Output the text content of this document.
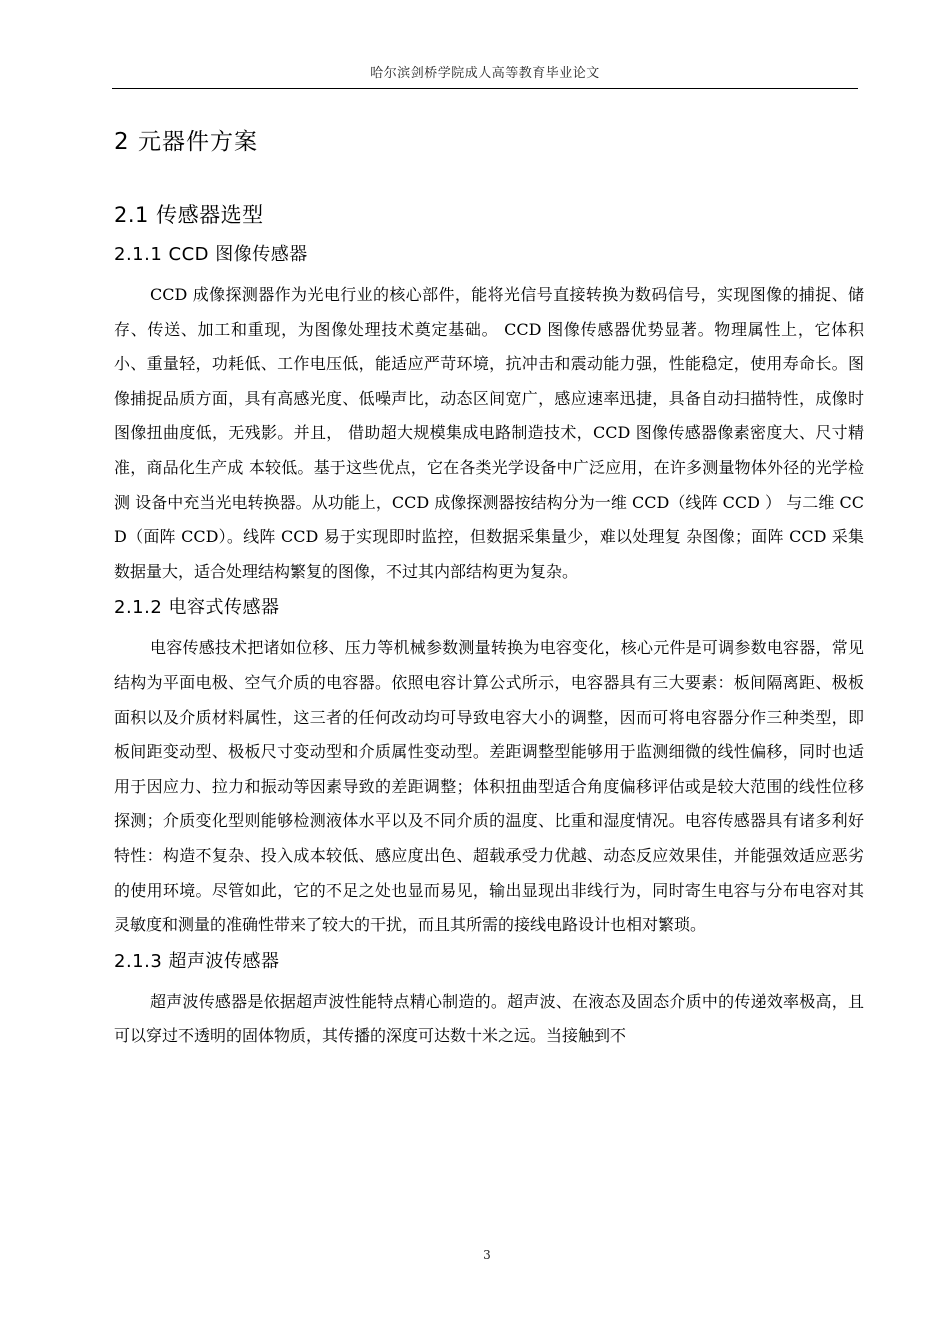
哈尔滨剑桥学院成人高等教育毕业论文
2 元器件方案
2.1 传感器选型
2.1.1 CCD 图像传感器

CCD 成像探测器作为光电行业的核心部件，能将光信号直接转换为数码信号，实现图像的捕捉、储存、传送、加工和重现，为图像处理技术奠定基础。 CCD 图像传感器优势显著。物理属性上，它体积小、重量轻，功耗低、工作电压低，能适应严苛环境，抗冲击和震动能力强，性能稳定，使用寿命长。图像捕捉品质方面，具有高感光度、低噪声比，动态区间宽广，感应速率迅捷，具备自动扫描特性，成像时图像扭曲度低，无残影。并且， 借助超大规模集成电路制造技术，CCD 图像传感器像素密度大、尺寸精准，商品化生产成 本较低。基于这些优点，它在各类光学设备中广泛应用，在许多测量物体外径的光学检测 设备中充当光电转换器。从功能上，CCD 成像探测器按结构分为一维 CCD（线阵 CCD ） 与二维 CCD（面阵 CCD）。线阵 CCD 易于实现即时监控，但数据采集量少，难以处理复 杂图像；面阵 CCD 采集数据量大，适合处理结构繁复的图像，不过其内部结构更为复杂。

2.1.2 电容式传感器

电容传感技术把诸如位移、压力等机械参数测量转换为电容变化，核心元件是可调参数电容器，常见结构为平面电极、空气介质的电容器。依照电容计算公式所示，电容器具有三大要素：板间隔离距、极板面积以及介质材料属性，这三者的任何改动均可导致电容大小的调整，因而可将电容器分作三种类型，即板间距变动型、极板尺寸变动型和介质属性变动型。差距调整型能够用于监测细微的线性偏移，同时也适用于因应力、拉力和振动等因素导致的差距调整；体积扭曲型适合角度偏移评估或是较大范围的线性位移探测；介质变化型则能够检测液体水平以及不同介质的温度、比重和湿度情况。电容传感器具有诸多利好特性：构造不复杂、投入成本较低、感应度出色、超载承受力优越、动态反应效果佳，并能强效适应恶劣的使用环境。尽管如此，它的不足之处也显而易见，输出显现出非线行为，同时寄生电容与分布电容对其灵敏度和测量的准确性带来了较大的干扰，而且其所需的接线电路设计也相对繁琐。

2.1.3 超声波传感器

超声波传感器是依据超声波性能特点精心制造的。超声波、在液态及固态介质中的传递效率极高，且可以穿过不透明的固体物质，其传播的深度可达数十米之远。当接触到不

3
